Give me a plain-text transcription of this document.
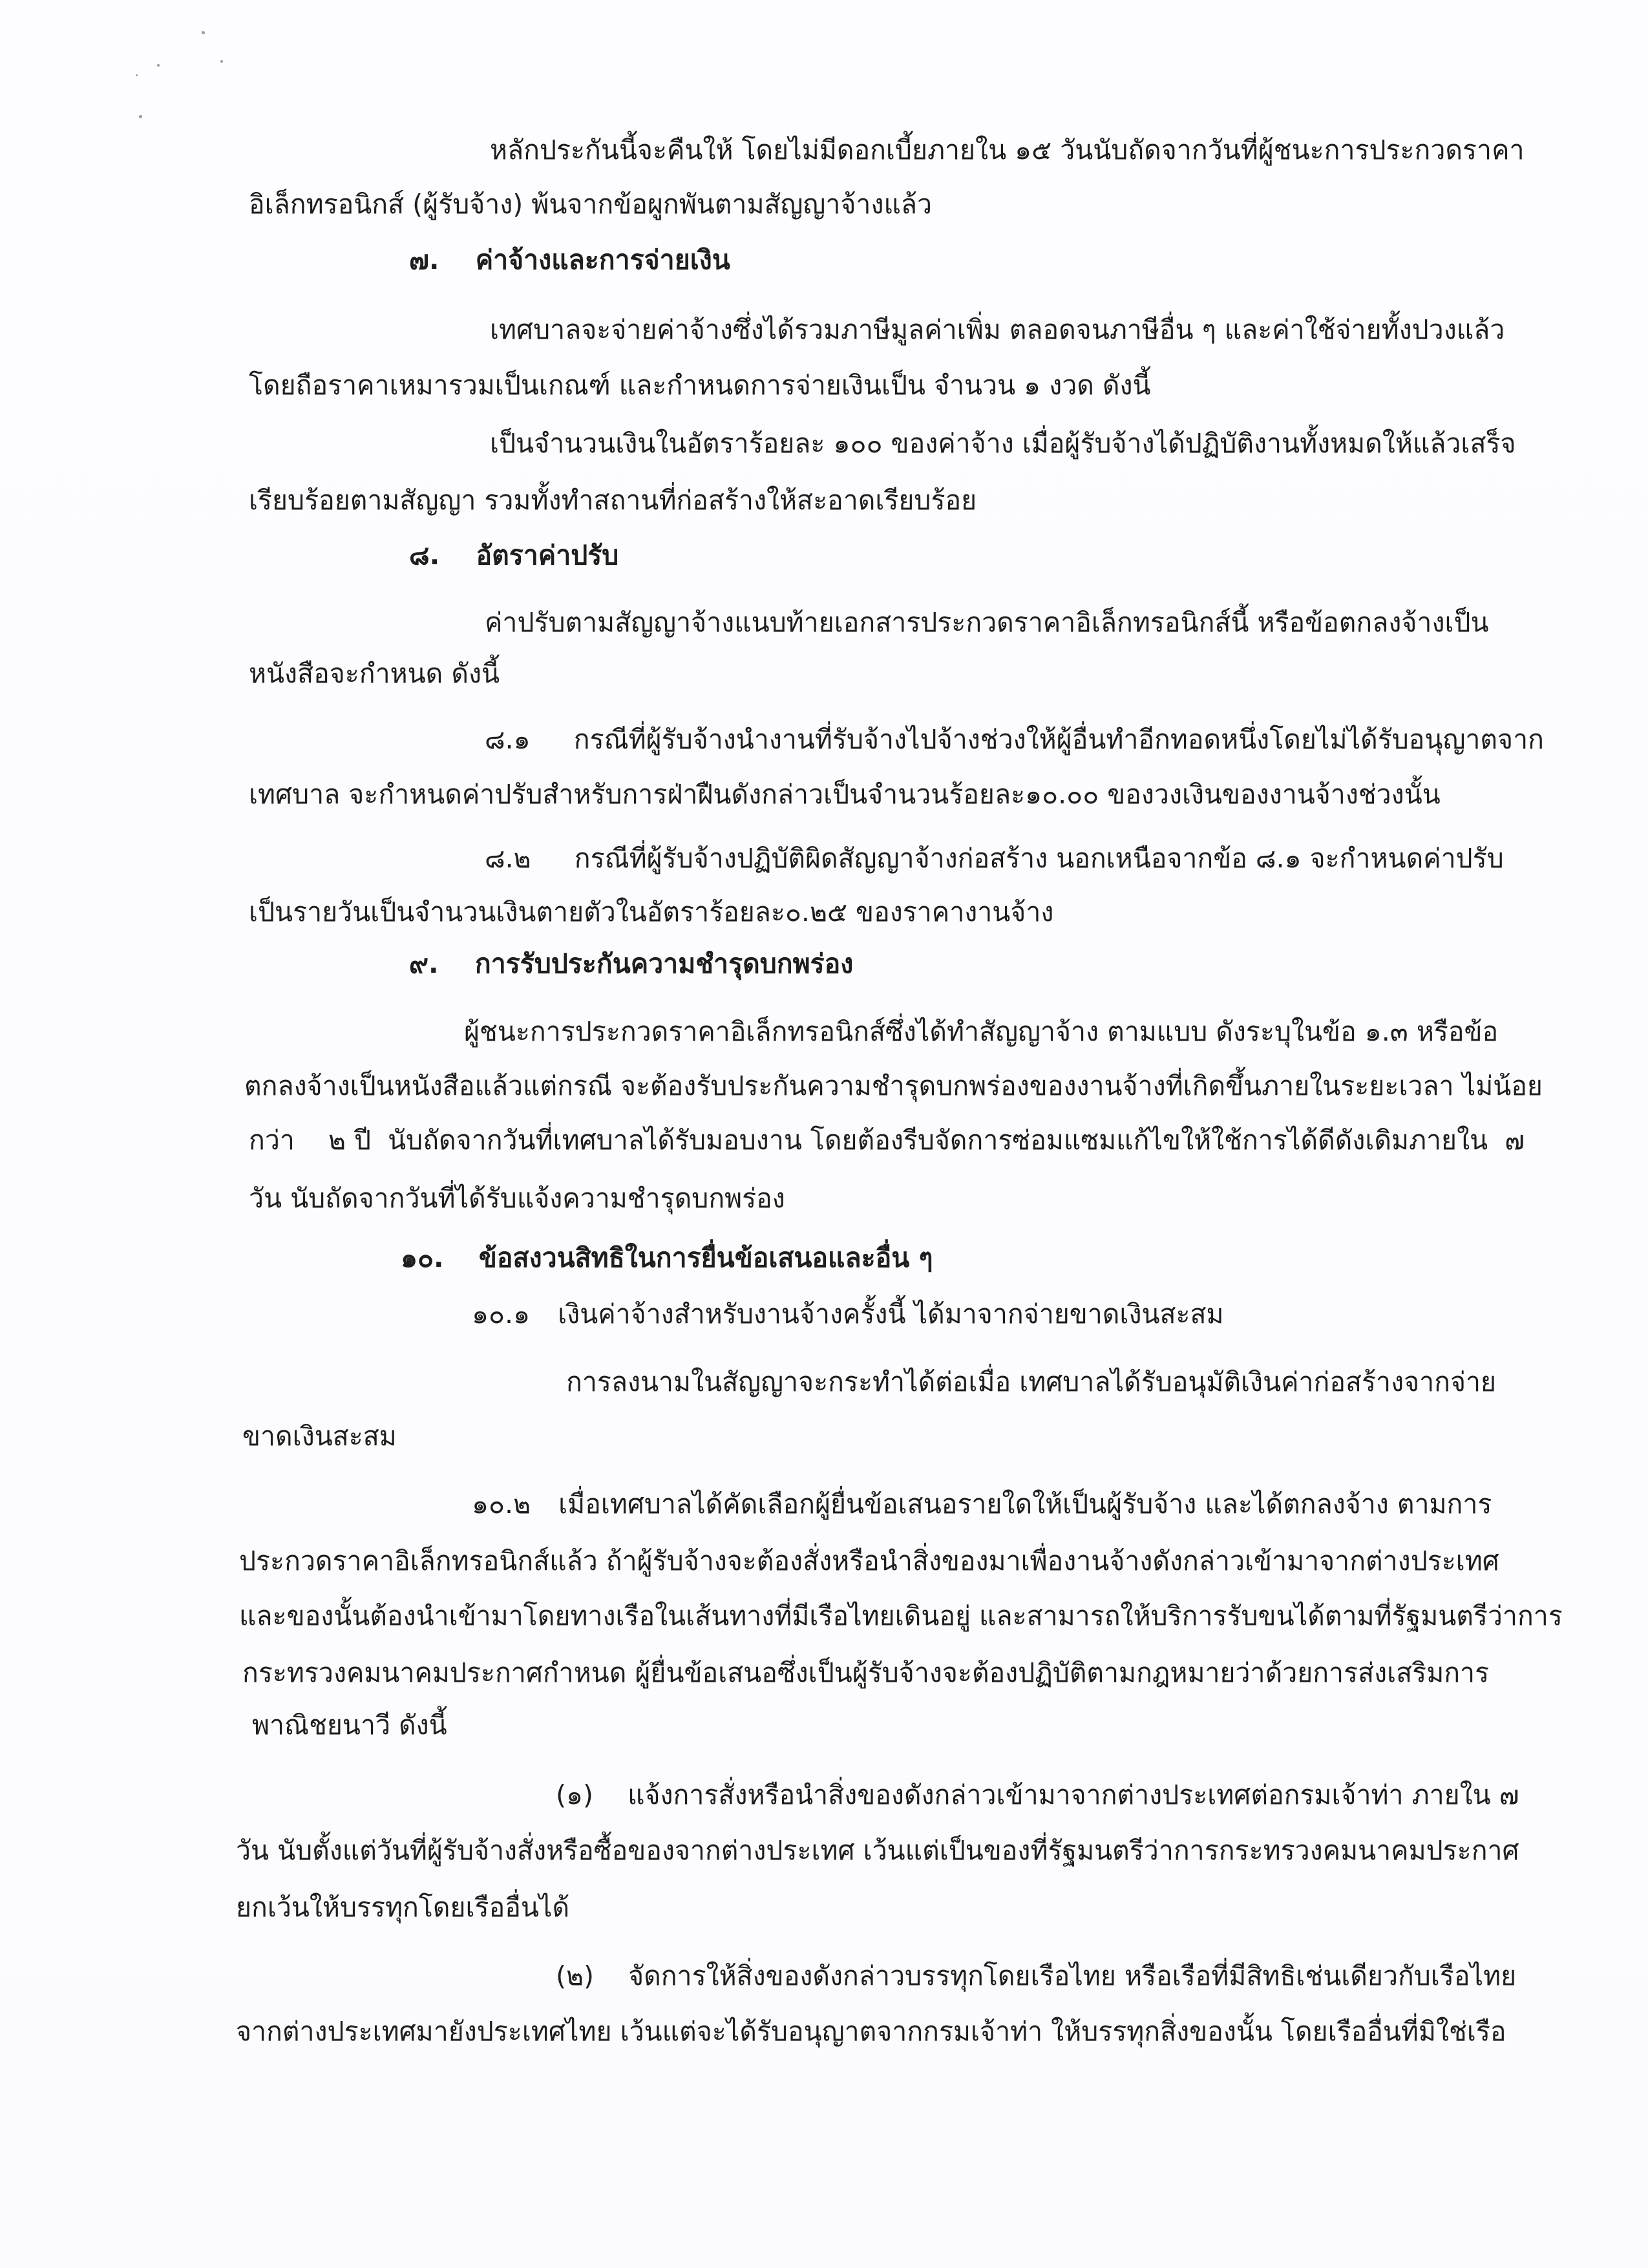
หลักประกันนี้จะคืนให้ โดยไม่มีดอกเบี้ยภายใน ๑๕ วันนับถัดจากวันที่ผู้ชนะการประกวดราคา
อิเล็กทรอนิกส์ (ผู้รับจ้าง) พ้นจากข้อผูกพันตามสัญญาจ้างแล้ว
๗. ค่าจ้างและการจ่ายเงิน
เทศบาลจะจ่ายค่าจ้างซึ่งได้รวมภาษีมูลค่าเพิ่ม ตลอดจนภาษีอื่น ๆ และค่าใช้จ่ายทั้งปวงแล้ว
โดยถือราคาเหมารวมเป็นเกณฑ์ และกำหนดการจ่ายเงินเป็น จำนวน ๑ งวด ดังนี้
เป็นจำนวนเงินในอัตราร้อยละ ๑๐๐ ของค่าจ้าง เมื่อผู้รับจ้างได้ปฏิบัติงานทั้งหมดให้แล้วเสร็จ
เรียบร้อยตามสัญญา รวมทั้งทำสถานที่ก่อสร้างให้สะอาดเรียบร้อย
๘. อัตราค่าปรับ
ค่าปรับตามสัญญาจ้างแนบท้ายเอกสารประกวดราคาอิเล็กทรอนิกส์นี้ หรือข้อตกลงจ้างเป็น
หนังสือจะกำหนด ดังนี้
๘.๑ กรณีที่ผู้รับจ้างนำงานที่รับจ้างไปจ้างช่วงให้ผู้อื่นทำอีกทอดหนึ่งโดยไม่ได้รับอนุญาตจาก
เทศบาล จะกำหนดค่าปรับสำหรับการฝ่าฝืนดังกล่าวเป็นจำนวนร้อยละ๑๐.๐๐ ของวงเงินของงานจ้างช่วงนั้น
๘.๒ กรณีที่ผู้รับจ้างปฏิบัติผิดสัญญาจ้างก่อสร้าง นอกเหนือจากข้อ ๘.๑ จะกำหนดค่าปรับ
เป็นรายวันเป็นจำนวนเงินตายตัวในอัตราร้อยละ๐.๒๕ ของราคางานจ้าง
๙. การรับประกันความชำรุดบกพร่อง
ผู้ชนะการประกวดราคาอิเล็กทรอนิกส์ซึ่งได้ทำสัญญาจ้าง ตามแบบ ดังระบุในข้อ ๑.๓ หรือข้อ
ตกลงจ้างเป็นหนังสือแล้วแต่กรณี จะต้องรับประกันความชำรุดบกพร่องของงานจ้างที่เกิดขึ้นภายในระยะเวลา ไม่น้อย
กว่า    ๒ ปี  นับถัดจากวันที่เทศบาลได้รับมอบงาน โดยต้องรีบจัดการซ่อมแซมแก้ไขให้ใช้การได้ดีดังเดิมภายใน  ๗
วัน นับถัดจากวันที่ได้รับแจ้งความชำรุดบกพร่อง
๑๐. ข้อสงวนสิทธิในการยื่นข้อเสนอและอื่น ๆ
๑๐.๑ เงินค่าจ้างสำหรับงานจ้างครั้งนี้ ได้มาจากจ่ายขาดเงินสะสม
การลงนามในสัญญาจะกระทำได้ต่อเมื่อ เทศบาลได้รับอนุมัติเงินค่าก่อสร้างจากจ่าย
ขาดเงินสะสม
๑๐.๒ เมื่อเทศบาลได้คัดเลือกผู้ยื่นข้อเสนอรายใดให้เป็นผู้รับจ้าง และได้ตกลงจ้าง ตามการ
ประกวดราคาอิเล็กทรอนิกส์แล้ว ถ้าผู้รับจ้างจะต้องสั่งหรือนำสิ่งของมาเพื่องานจ้างดังกล่าวเข้ามาจากต่างประเทศ
และของนั้นต้องนำเข้ามาโดยทางเรือในเส้นทางที่มีเรือไทยเดินอยู่ และสามารถให้บริการรับขนได้ตามที่รัฐมนตรีว่าการ
กระทรวงคมนาคมประกาศกำหนด ผู้ยื่นข้อเสนอซึ่งเป็นผู้รับจ้างจะต้องปฏิบัติตามกฎหมายว่าด้วยการส่งเสริมการ
พาณิชยนาวี ดังนี้
(๑) แจ้งการสั่งหรือนำสิ่งของดังกล่าวเข้ามาจากต่างประเทศต่อกรมเจ้าท่า ภายใน ๗
วัน นับตั้งแต่วันที่ผู้รับจ้างสั่งหรือซื้อของจากต่างประเทศ เว้นแต่เป็นของที่รัฐมนตรีว่าการกระทรวงคมนาคมประกาศ
ยกเว้นให้บรรทุกโดยเรืออื่นได้
(๒) จัดการให้สิ่งของดังกล่าวบรรทุกโดยเรือไทย หรือเรือที่มีสิทธิเช่นเดียวกับเรือไทย
จากต่างประเทศมายังประเทศไทย เว้นแต่จะได้รับอนุญาตจากกรมเจ้าท่า ให้บรรทุกสิ่งของนั้น โดยเรืออื่นที่มิใช่เรือ
